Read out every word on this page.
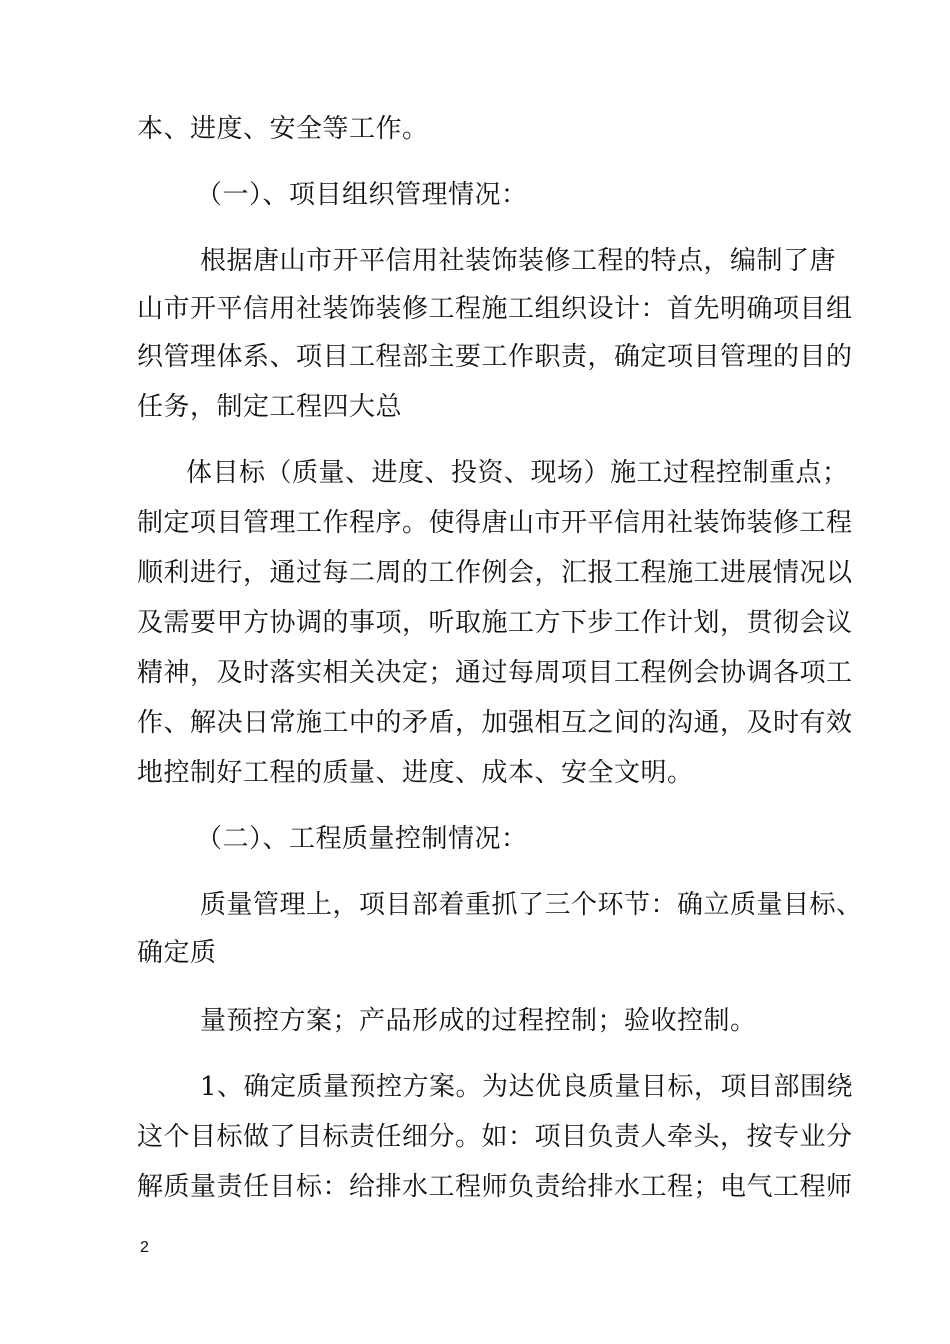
本、进度、安全等工作。
（一）、项目组织管理情况：
根据唐山市开平信用社装饰装修工程的特点，编制了唐
山市开平信用社装饰装修工程施工组织设计：首先明确项目组
织管理体系、项目工程部主要工作职责，确定项目管理的目的
任务，制定工程四大总
体目标（质量、进度、投资、现场）施工过程控制重点；
制定项目管理工作程序。使得唐山市开平信用社装饰装修工程
顺利进行，通过每二周的工作例会，汇报工程施工进展情况以
及需要甲方协调的事项，听取施工方下步工作计划，贯彻会议
精神，及时落实相关决定；通过每周项目工程例会协调各项工
作、解决日常施工中的矛盾，加强相互之间的沟通，及时有效
地控制好工程的质量、进度、成本、安全文明。
（二）、工程质量控制情况：
质量管理上，项目部着重抓了三个环节：确立质量目标、
确定质
量预控方案；产品形成的过程控制；验收控制。
1、确定质量预控方案。为达优良质量目标，项目部围绕
这个目标做了目标责任细分。如：项目负责人牵头，按专业分
解质量责任目标：给排水工程师负责给排水工程；电气工程师
2
